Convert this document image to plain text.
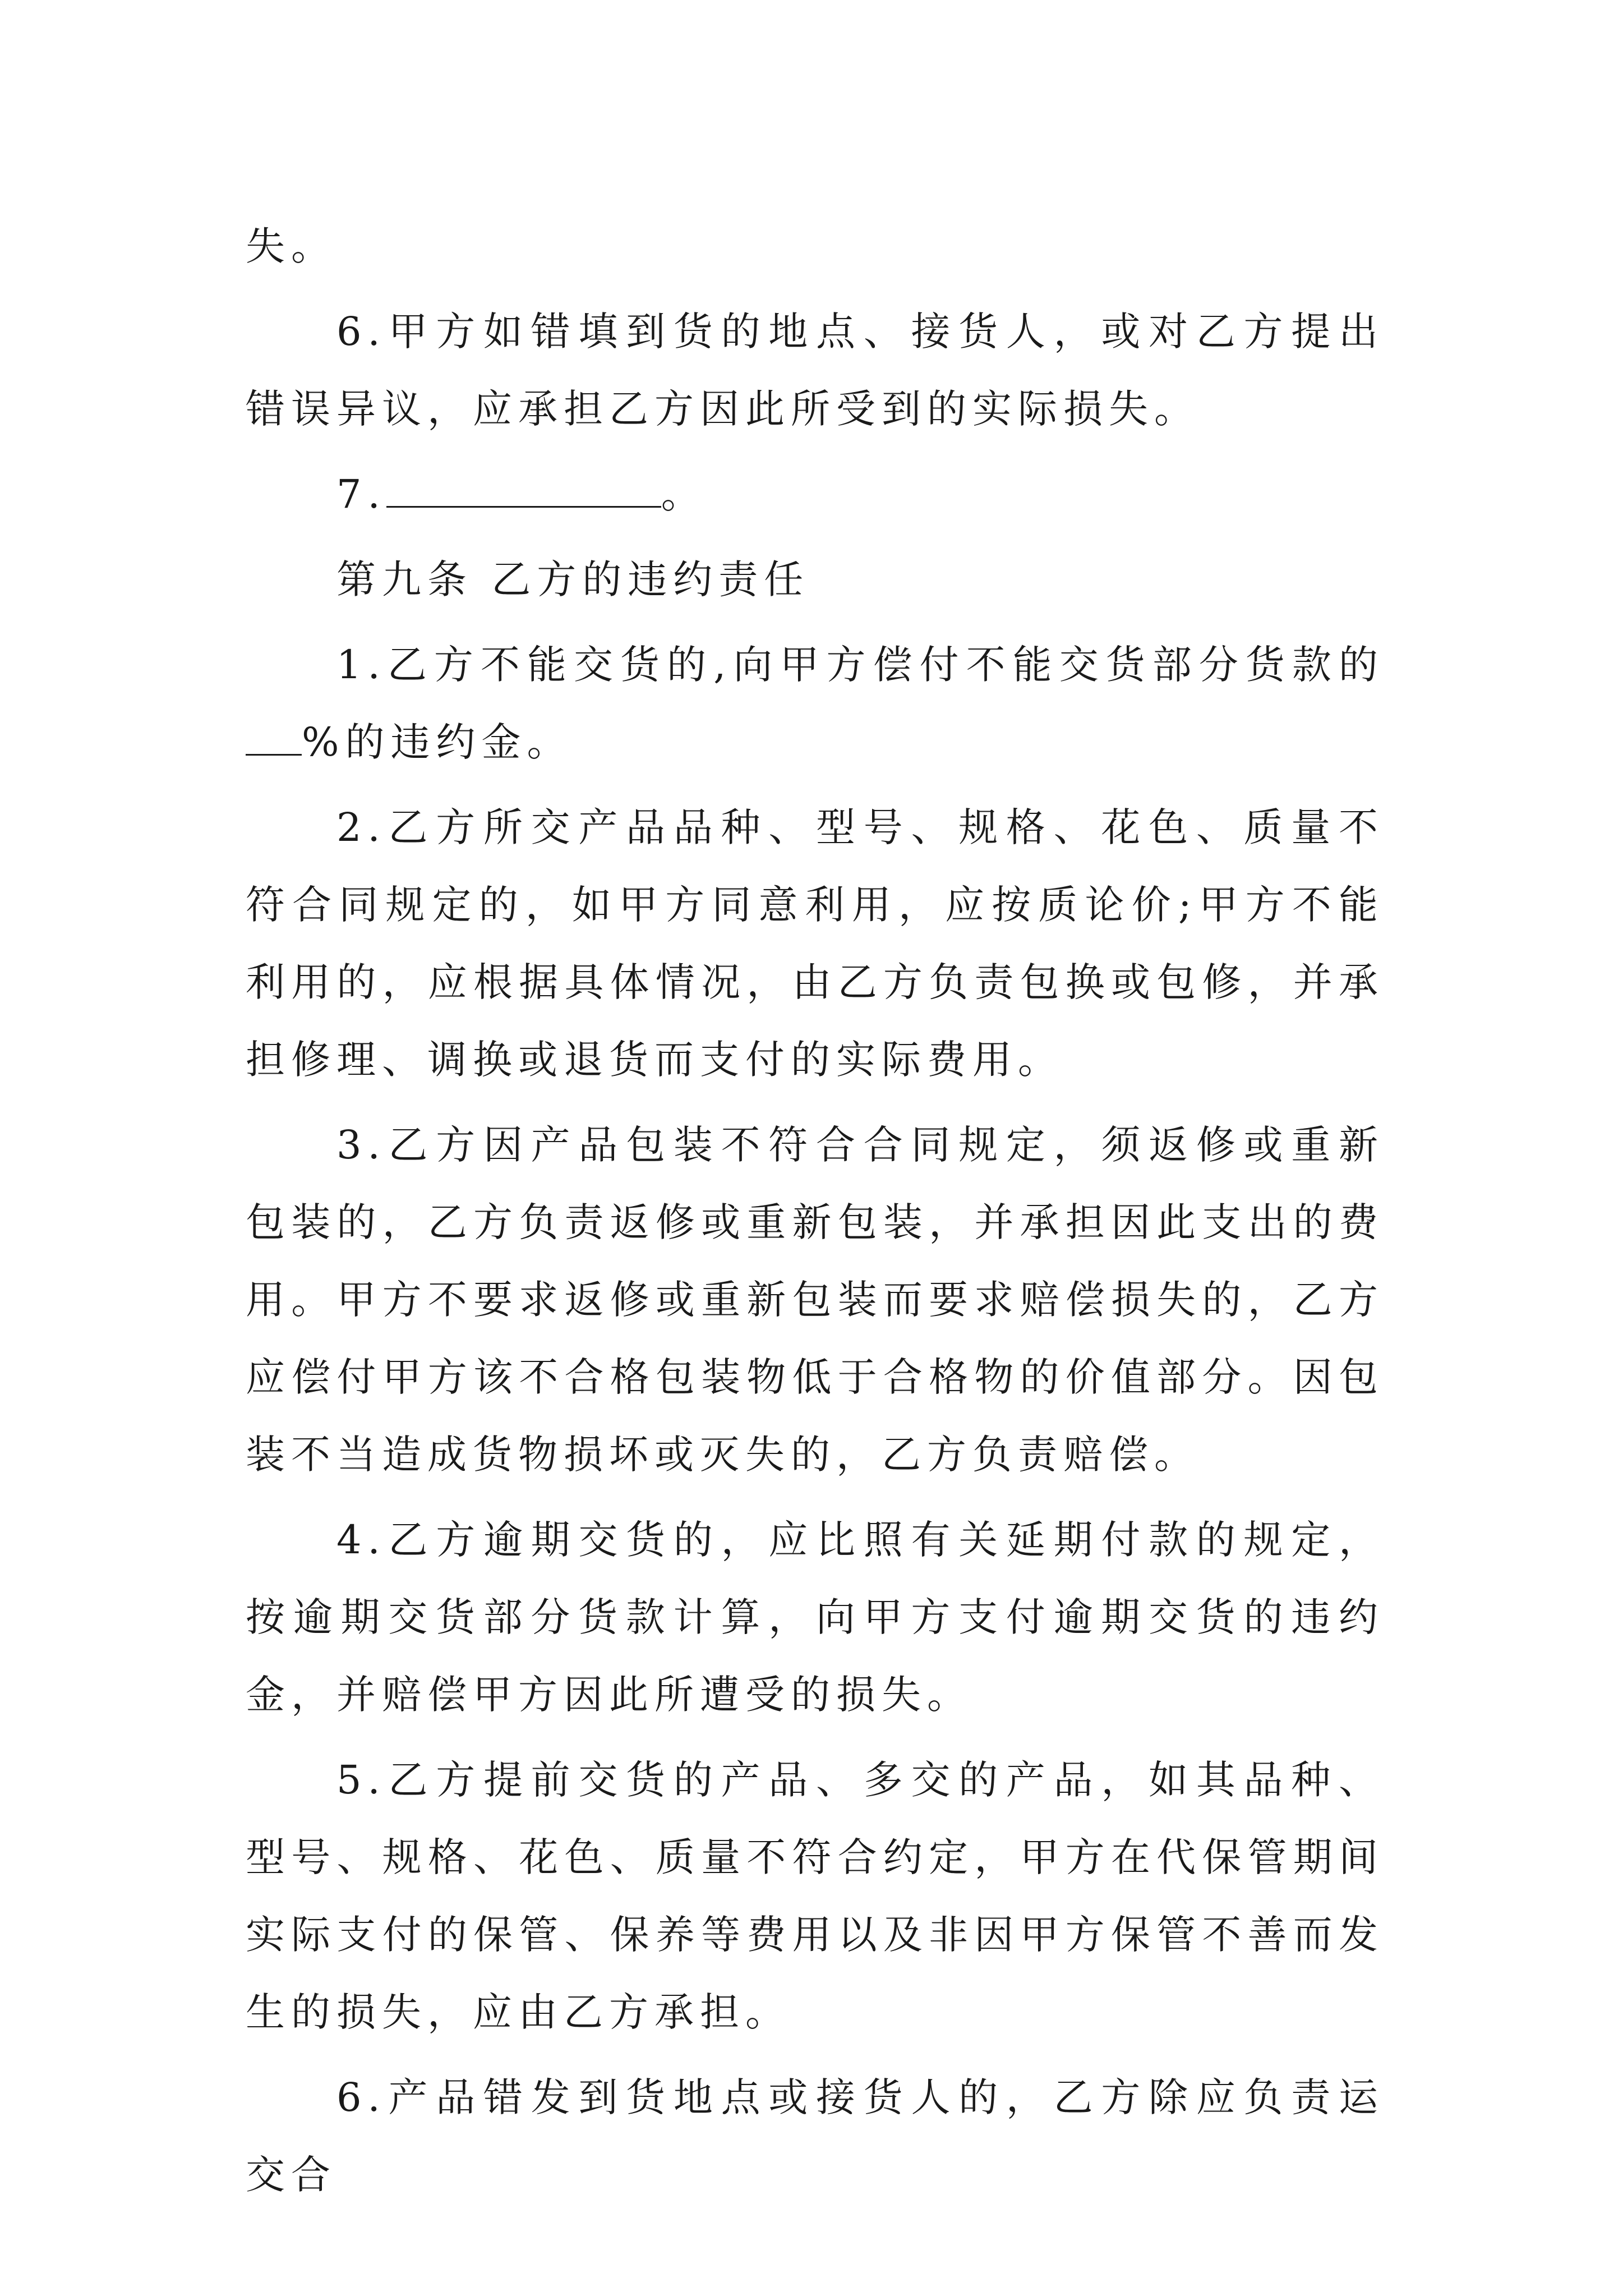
失。

6.甲方如错填到货的地点、接货人，或对乙方提出错误异议，应承担乙方因此所受到的实际损失。

7.	。

第九条 乙方的违约责任

1.乙方不能交货的,向甲方偿付不能交货部分货款的%的违约金。

2.乙方所交产品品种、型号、规格、花色、质量不符合同规定的，如甲方同意利用，应按质论价;甲方不能利用的，应根据具体情况，由乙方负责包换或包修，并承担修理、调换或退货而支付的实际费用。

3.乙方因产品包装不符合合同规定，须返修或重新包装的，乙方负责返修或重新包装，并承担因此支出的费用。甲方不要求返修或重新包装而要求赔偿损失的，乙方应偿付甲方该不合格包装物低于合格物的价值部分。因包装不当造成货物损坏或灭失的，乙方负责赔偿。

4.乙方逾期交货的，应比照有关延期付款的规定，按逾期交货部分货款计算，向甲方支付逾期交货的违约金，并赔偿甲方因此所遭受的损失。

5.乙方提前交货的产品、多交的产品，如其品种、型号、规格、花色、质量不符合约定，甲方在代保管期间实际支付的保管、保养等费用以及非因甲方保管不善而发生的损失，应由乙方承担。

6.产品错发到货地点或接货人的，乙方除应负责运交合
